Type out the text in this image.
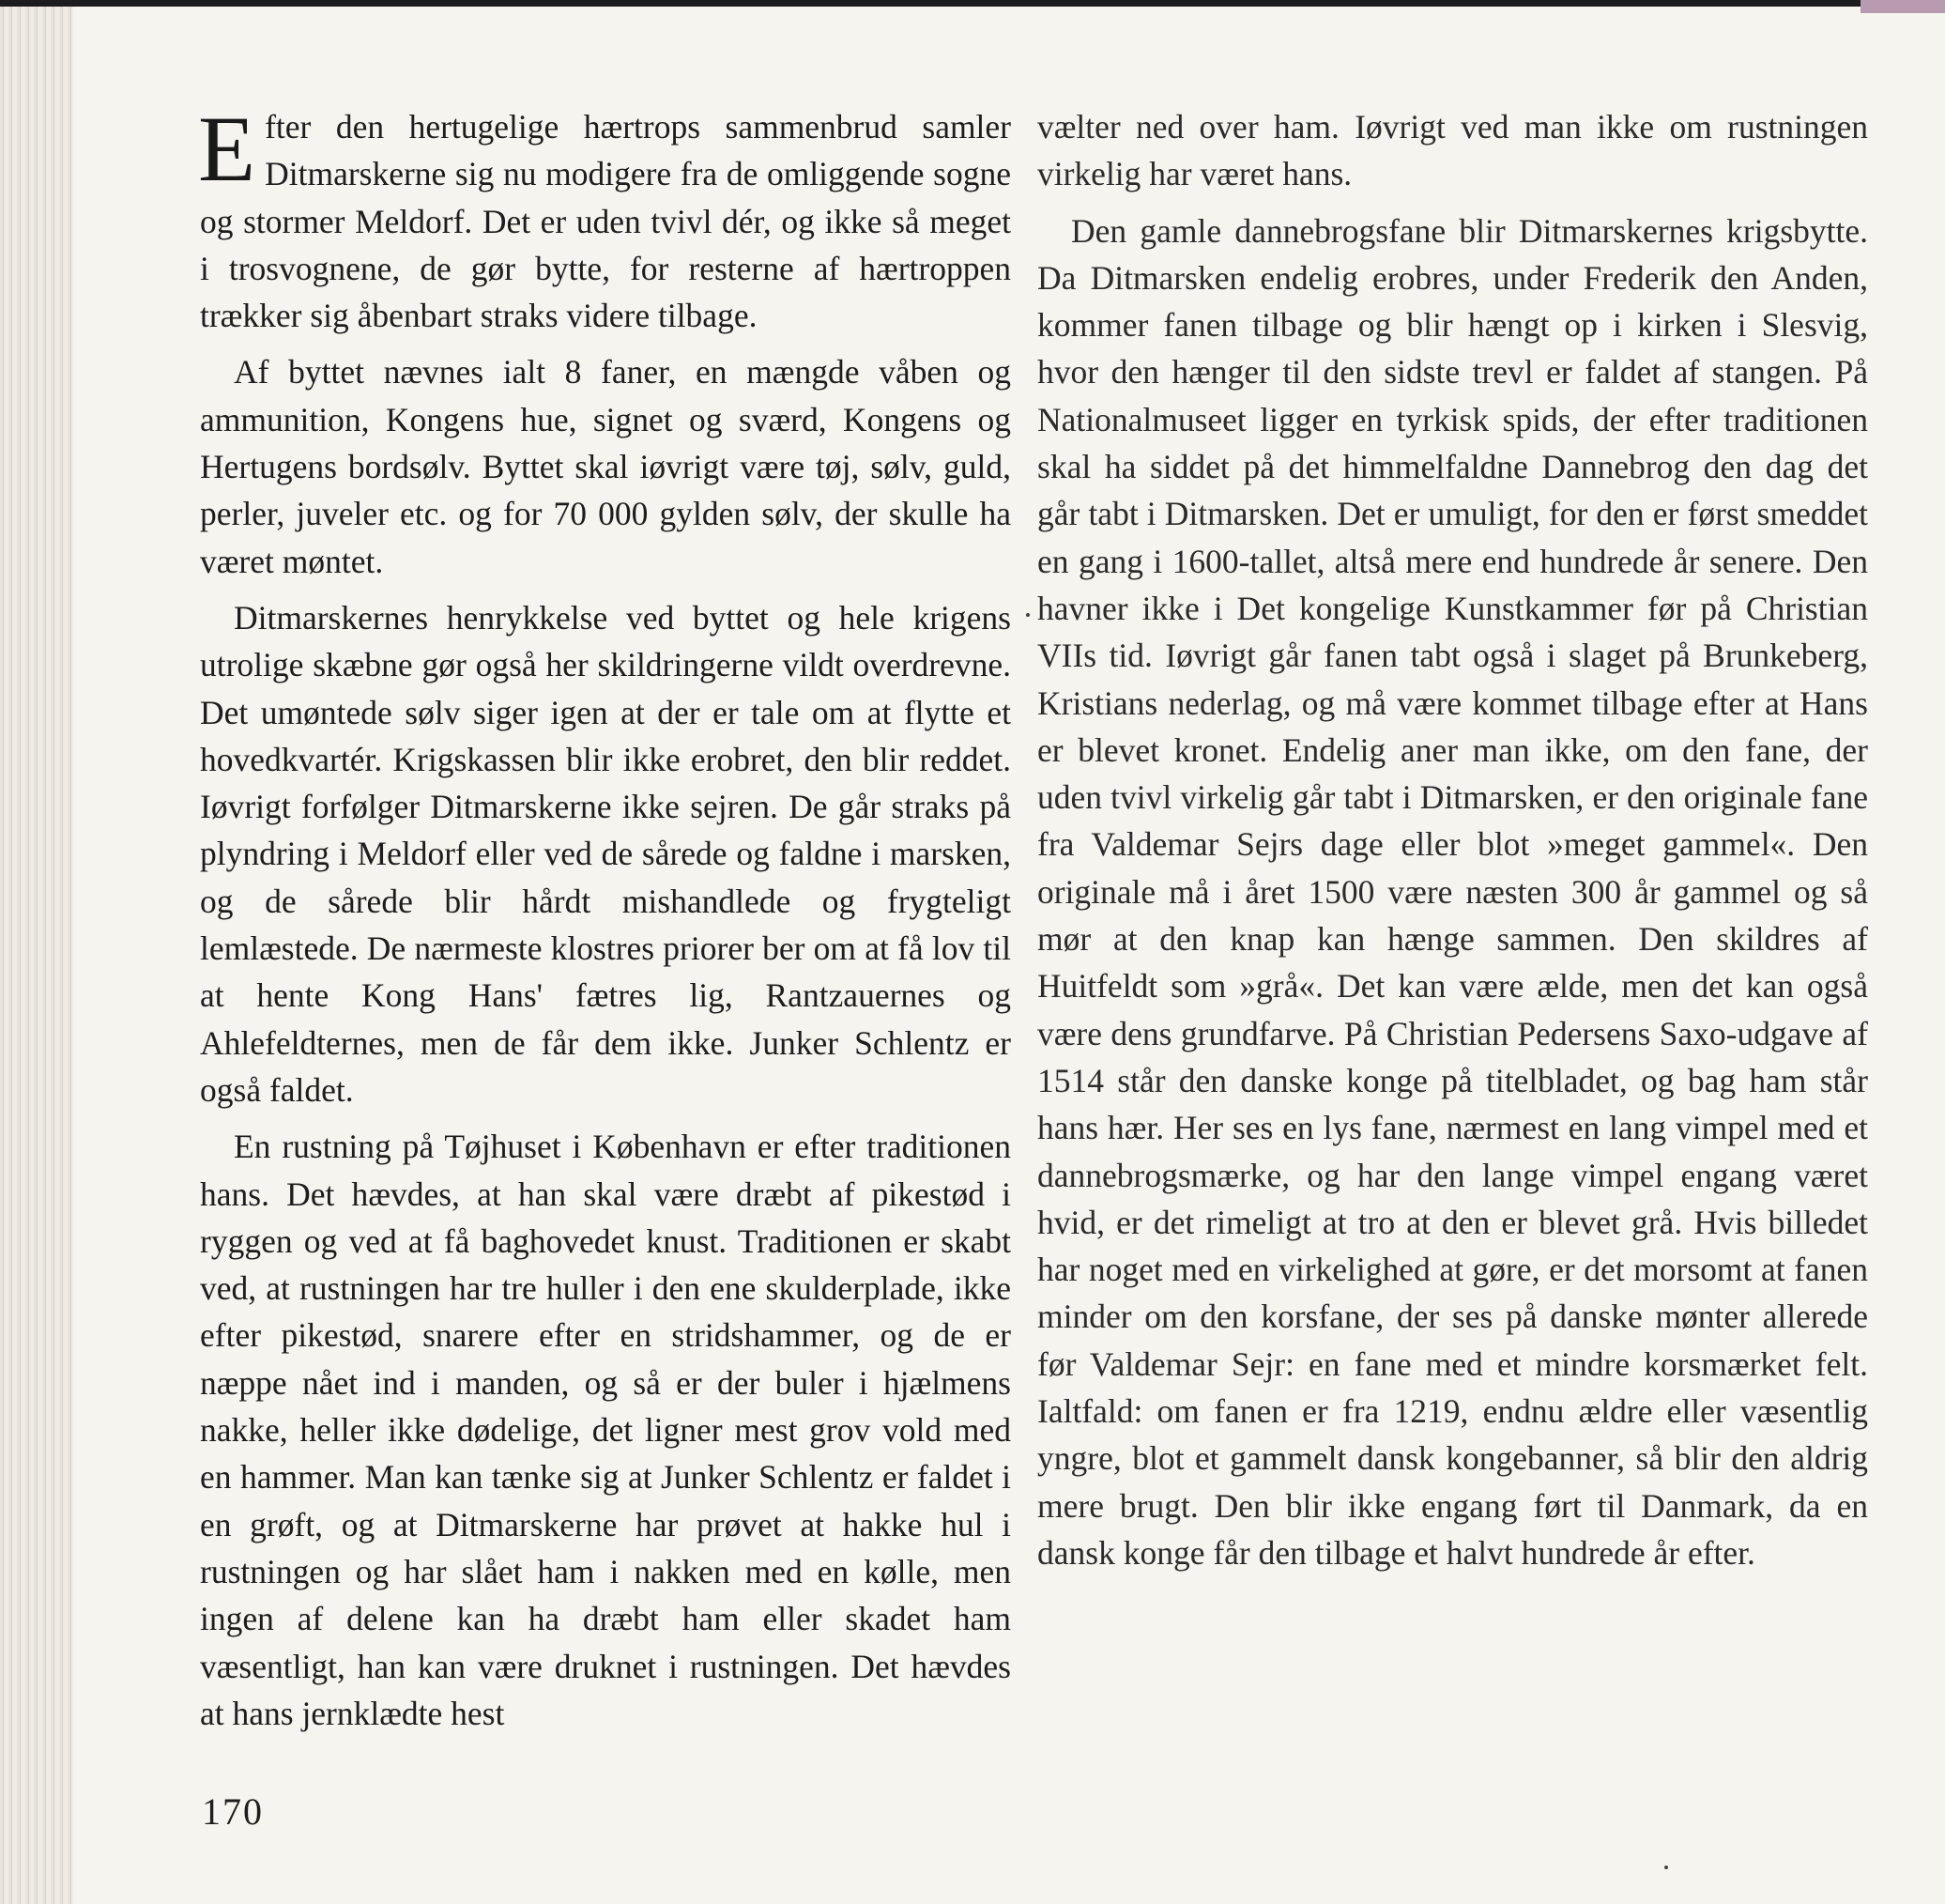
Efter den hertugelige hærtrops sammenbrud samler Ditmarskerne sig nu modigere fra de omliggende sogne og stormer Meldorf. Det er uden tvivl dér, og ikke så meget i trosvognene, de gør bytte, for resterne af hærtroppen trækker sig åbenbart straks videre tilbage.

Af byttet nævnes ialt 8 faner, en mængde våben og ammunition, Kongens hue, signet og sværd, Kongens og Hertugens bordsølv. Byttet skal iøvrigt være tøj, sølv, guld, perler, juveler etc. og for 70 000 gylden sølv, der skulle ha været møntet.

Ditmarskernes henrykkelse ved byttet og hele krigens utrolige skæbne gør også her skildringerne vildt overdrevne. Det umøntede sølv siger igen at der er tale om at flytte et hovedkvartér. Krigskassen blir ikke erobret, den blir reddet. Iøvrigt forfølger Ditmarskerne ikke sejren. De går straks på plyndring i Meldorf eller ved de sårede og faldne i marsken, og de sårede blir hårdt mishandlede og frygteligt lemlæstede. De nærmeste klostres priorer ber om at få lov til at hente Kong Hans' fætres lig, Rantzauernes og Ahlefeldternes, men de får dem ikke. Junker Schlentz er også faldet.

En rustning på Tøjhuset i København er efter traditionen hans. Det hævdes, at han skal være dræbt af pikestød i ryggen og ved at få baghovedet knust. Traditionen er skabt ved, at rustningen har tre huller i den ene skulderplade, ikke efter pikestød, snarere efter en stridshammer, og de er næppe nået ind i manden, og så er der buler i hjælmens nakke, heller ikke dødelige, det ligner mest grov vold med en hammer. Man kan tænke sig at Junker Schlentz er faldet i en grøft, og at Ditmarskerne har prøvet at hakke hul i rustningen og har slået ham i nakken med en kølle, men ingen af delene kan ha dræbt ham eller skadet ham væsentligt, han kan være druknet i rustningen. Det hævdes at hans jernklædte hest

vælter ned over ham. Iøvrigt ved man ikke om rustningen virkelig har været hans.

Den gamle dannebrogsfane blir Ditmarskernes krigsbytte. Da Ditmarsken endelig erobres, under Frederik den Anden, kommer fanen tilbage og blir hængt op i kirken i Slesvig, hvor den hænger til den sidste trevl er faldet af stangen. På Nationalmuseet ligger en tyrkisk spids, der efter traditionen skal ha siddet på det himmelfaldne Dannebrog den dag det går tabt i Ditmarsken. Det er umuligt, for den er først smeddet en gang i 1600-tallet, altså mere end hundrede år senere. Den havner ikke i Det kongelige Kunstkammer før på Christian VIIs tid. Iøvrigt går fanen tabt også i slaget på Brunkeberg, Kristians nederlag, og må være kommet tilbage efter at Hans er blevet kronet. Endelig aner man ikke, om den fane, der uden tvivl virkelig går tabt i Ditmarsken, er den originale fane fra Valdemar Sejrs dage eller blot »meget gammel«. Den originale må i året 1500 være næsten 300 år gammel og så mør at den knap kan hænge sammen. Den skildres af Huitfeldt som »grå«. Det kan være ælde, men det kan også være dens grundfarve. På Christian Pedersens Saxo-udgave af 1514 står den danske konge på titelbladet, og bag ham står hans hær. Her ses en lys fane, nærmest en lang vimpel med et dannebrogsmærke, og har den lange vimpel engang været hvid, er det rimeligt at tro at den er blevet grå. Hvis billedet har noget med en virkelighed at gøre, er det morsomt at fanen minder om den korsfane, der ses på danske mønter allerede før Valdemar Sejr: en fane med et mindre korsmærket felt. Ialtfald: om fanen er fra 1219, endnu ældre eller væsentlig yngre, blot et gammelt dansk kongebanner, så blir den aldrig mere brugt. Den blir ikke engang ført til Danmark, da en dansk konge får den tilbage et halvt hundrede år efter.

170
